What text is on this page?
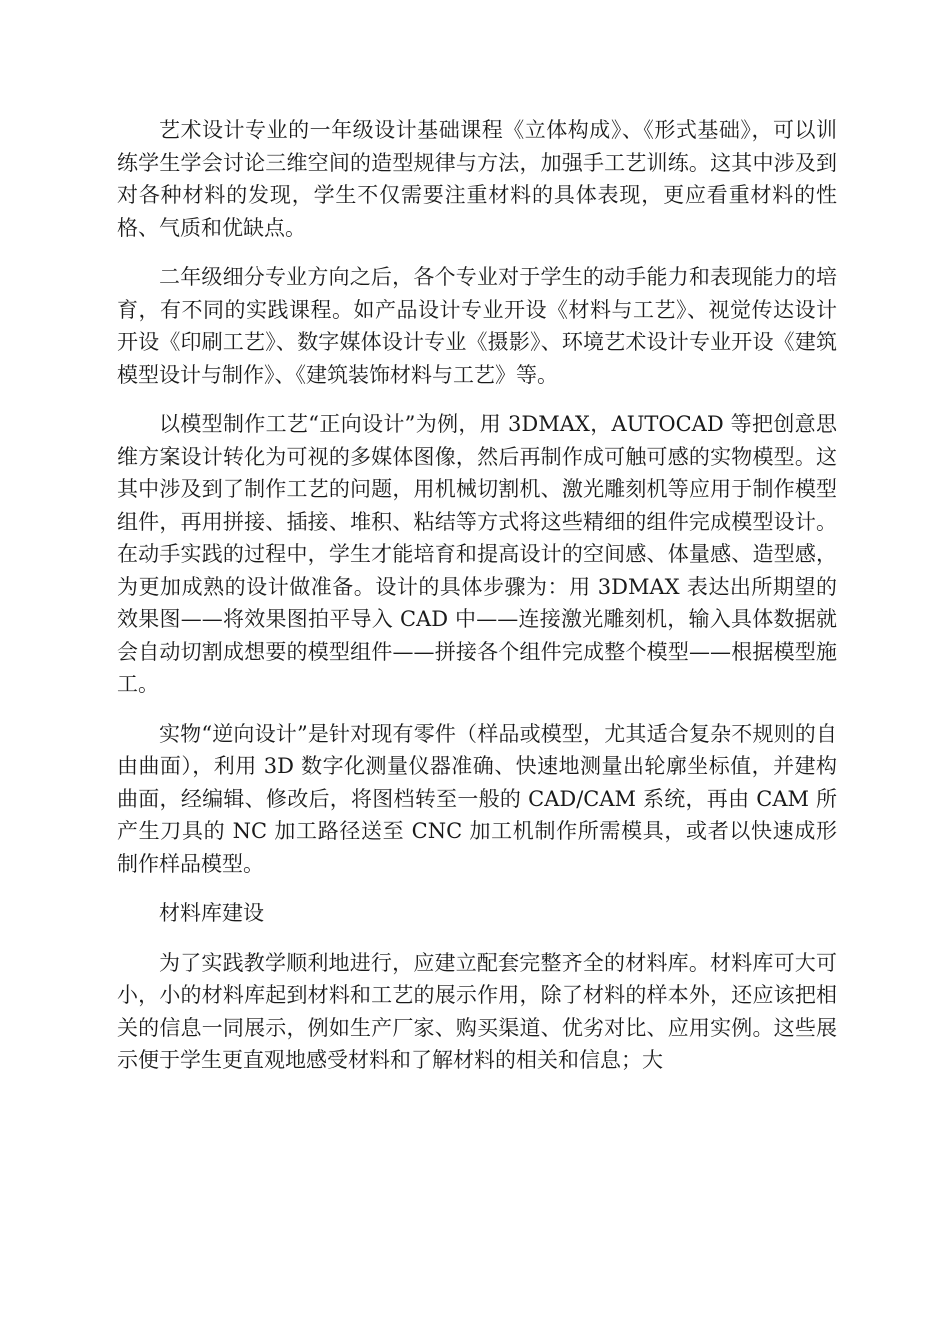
艺术设计专业的一年级设计基础课程《立体构成》、《形式基础》，可以训练学生学会讨论三维空间的造型规律与方法，加强手工艺训练。这其中涉及到对各种材料的发现，学生不仅需要注重材料的具体表现，更应看重材料的性格、气质和优缺点。

二年级细分专业方向之后，各个专业对于学生的动手能力和表现能力的培育，有不同的实践课程。如产品设计专业开设《材料与工艺》、视觉传达设计开设《印刷工艺》、数字媒体设计专业《摄影》、环境艺术设计专业开设《建筑模型设计与制作》、《建筑装饰材料与工艺》等。

以模型制作工艺“正向设计”为例，用 3DMAX，AUTOCAD 等把创意思维方案设计转化为可视的多媒体图像，然后再制作成可触可感的实物模型。这其中涉及到了制作工艺的问题，用机械切割机、激光雕刻机等应用于制作模型组件，再用拼接、插接、堆积、粘结等方式将这些精细的组件完成模型设计。在动手实践的过程中，学生才能培育和提高设计的空间感、体量感、造型感，为更加成熟的设计做准备。设计的具体步骤为：用 3DMAX 表达出所期望的效果图——将效果图拍平导入 CAD 中——连接激光雕刻机，输入具体数据就会自动切割成想要的模型组件——拼接各个组件完成整个模型——根据模型施工。

实物“逆向设计”是针对现有零件（样品或模型，尤其适合复杂不规则的自由曲面），利用 3D 数字化测量仪器准确、快速地测量出轮廓坐标值，并建构曲面，经编辑、修改后，将图档转至一般的 CAD/CAM 系统，再由 CAM 所产生刀具的 NC 加工路径送至 CNC 加工机制作所需模具，或者以快速成形制作样品模型。

材料库建设

为了实践教学顺利地进行，应建立配套完整齐全的材料库。材料库可大可小，小的材料库起到材料和工艺的展示作用，除了材料的样本外，还应该把相关的信息一同展示，例如生产厂家、购买渠道、优劣对比、应用实例。这些展示便于学生更直观地感受材料和了解材料的相关和信息；大
